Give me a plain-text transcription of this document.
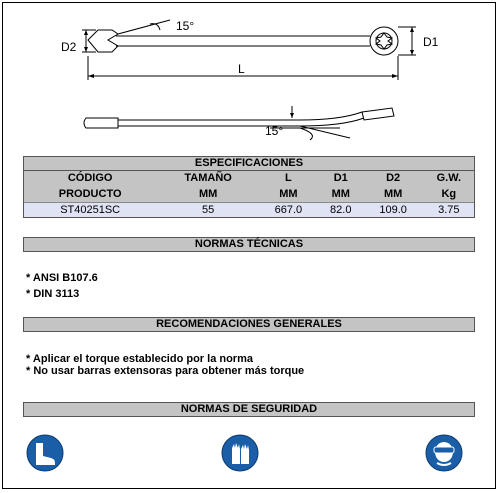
D1
D2
L
15°
15°
ESPECIFICACIONES
CÓDIGO	TAMAÑO	L	D1	D2	G.W.
PRODUCTO	MM	MM	MM	MM	Kg
ST40251SC	55	667.0	82.0	109.0	3.75
NORMAS TÉCNICAS
* ANSI B107.6
* DIN 3113
RECOMENDACIONES GENERALES
* Aplicar el torque establecido por la norma
* No usar barras extensoras para obtener más torque
NORMAS DE SEGURIDAD
